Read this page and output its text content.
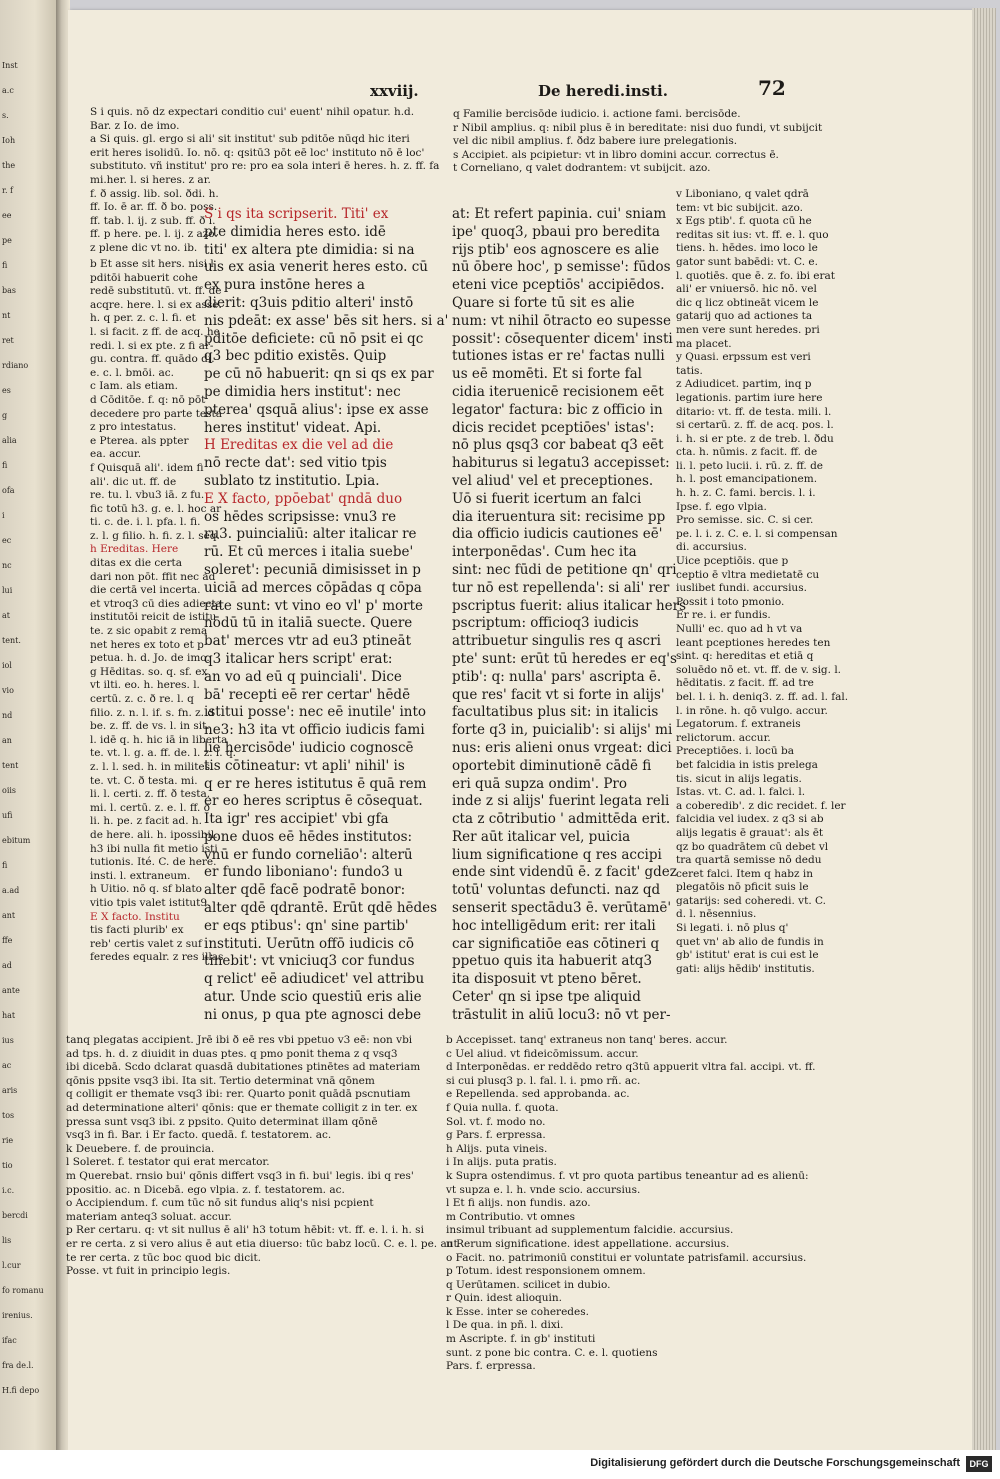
Inst
a.c
s.
Ioh
the
r. f
ee
pe
fi
bas
nt
ret
rdiano
es
g
alia
fi
ofa
i
ec
nc
lui
at
tent.
iol
vio
nd
an
tent
oiis
ufi
ebitum
fi
a.ad
ant
ffe
ad
ante
hat
ius
ac
aris
tos
rie
tio
i.c.
bercdi
lis
l.cur
fo romanu
irenius.
ifac
fra de.l.
H.fi depo
xxviij.	De heredi.insti.	72
S i quis. nō dz expectari conditio cui' euent' nihil opatur. h.d.
Bar. z Io. de imo.
a Si quis. gl. ergo si ali' sit institut' sub pditōe nūqd hic iteri
erit heres isolidū. Io. nō. q: qsitū3 pōt eē loc' instituto nō ē loc'
substituto. vñ institut' pro re: pro ea sola interi ē heres. h. z. ff. fa
mi.her. l. si heres. z ar.
f. ð assig. lib. sol. ðdi. h.
ff. Io. ē ar. ff. ð bo. poss.
ff. tab. l. ij. z sub. ff. ð i.
ff. p here. pe. l. ij. z azo.
z plene dic vt no. ib.
b Et asse sit hers. nisi l
pditōi habuerit cohe
redē substitutū. vt. ff. de
acqre. here. l. si ex asse.
h. q per. z. c. l. fi. et
l. si facit. z ff. de acq. he
redi. l. si ex pte. z fi ar-
gu. contra. ff. quādo di.
e. c. l. bmōi. ac.
c Iam. als etiam.
d Cōditōe. f. q: nō pōt
decedere pro parte testa
z pro intestatus.
e Pterea. als ppter
ea. accur.
f Quisquā ali'. idem fi
ali'. dic ut. ff. de
re. tu. l. vbu3 iā. z fu.
fic totū h3. g. e. l. hoc ar
ti. c. de. i. l. pfa. l. fi.
z. l. g filio. h. fi. z. l. seq.
h Ereditas. Here
ditas ex die certa
dari non pōt. ffit nec ad
die certā vel incerta.
et vtroq3 cū dies adiecta
institutōi reicit de istitu
te. z sic opabit z rema
net heres ex toto et p
petua. h. d. Jo. de imo.
g Hēditas. so. q. sf. ex
vt ilti. eo. h. heres. l.
certū. z. c. ð re. l. q
filio. z. n. l. if. s. fn. z. d
be. z. ff. de vs. l. in sit.
l. idē q. h. hic iā in liberta
te. vt. l. g. a. ff. de. l. z. l. q.
z. l. l. sed. h. in milites
te. vt. C. ð testa. mi.
li. l. certi. z. ff. ð testa.
mi. l. certū. z. e. l. ff. ð
li. h. pe. z facit ad. h.
de here. ali. h. ipossibil.
h3 ibi nulla fit metio isti
tutionis. Ité. C. de here.
insti. l. extraneum.
h Uitio. nō q. sf blato
vitio tpis valet istitut9.
E X facto. Institu
tis facti plurib' ex
reb' certis valet z suf
feredes equalr. z res illas
S i qs ita scripserit. Titi' ex
pte dimidia heres esto. idē
titi' ex altera pte dimidia: si na
uis ex asia venerit heres esto. cū
ex pura instōne heres a
dierit: q3uis pditio alteri' instō
nis pdeāt: ex asse' bēs sit hers. si a'
pditōe deficiete: cū nō psit ei qc
q3 bec pditio existēs. Quip
pe cū nō habuerit: qn si qs ex par
pe dimidia hers institut': nec
pterea' qsquā alius': ipse ex asse
heres institut' videat. Api.
H Ereditas ex die vel ad die
nō recte dat': sed vitio tpis
sublato tz institutio. Lpia.
E X facto, ppōebat' qndā duo
os hēdes scripsisse: vnu3 re
ru3. puincialiū: alter italicar re
rū. Et cū merces i italia suebe'
soleret': pecuniā dimisisset in p
uiciā ad merces cōpādas q cōpa
rate sunt: vt vino eo vl' p' morte
nōdū tū in italiā suecte. Quere
bat' merces vtr ad eu3 ptineāt
q3 italicar hers script' erat:
an vo ad eū q puinciali'. Dice
bā' recepti eē rer certar' hēdē
istitui posse': nec eē inutile' into
ne3: h3 ita vt officio iudicis fami
lie hercisōde' iudicio cognoscē
tis cōtineatur: vt apli' nihil' is
q er re heres istitutus ē quā rem
er eo heres scriptus ē cōsequat.
Ita igr' res accipiet' vbi gfa
pone duos eē hēdes institutos:
vnū er fundo corneliāo': alterū
er fundo liboniano': fundo3 u
alter qdē facē podratē bonor:
alter qdē qdrantē. Erūt qdē hēdes
er eqs ptibus': qn' sine partib'
instituti. Uerūtn offō iudicis cō
tinebit': vt vniciuq3 cor fundus
q relict' eē adiudicet' vel attribu
atur. Unde scio questiū eris alie
ni onus, p qua pte agnosci debe
at: Et refert papinia. cui' sniam
ipe' quoq3, pbaui pro bereditа
rijs ptib' eos agnoscere es alie
nū ōbere hoc', p semisse': fūdos
eteni vice pceptiōs' accipiēdos.
Quare si forte tū sit es alie
num: vt nihil ōtracto eo supesse
possit': cōsequenter dicem' insti
tutiones istas er re' factas nulli
us eē momēti. Et si forte fal
cidia iteruenicē recisionem eēt
legator' factura: bic z officio in
dicis recidet pceptiōes' istas':
nō plus qsq3 cor babeat q3 eēt
habiturus si legatu3 accepisset:
vel aliud' vel et preceptiones.
Uō si fuerit icertum an falci
dia iteruentura sit: recisime pp
dia officio iudicis cautiones eē'
interponēdas'. Cum hec ita
sint: nec fūdi de petitione qn' qri
tur nō est repellenda': si ali' rer
pscriptus fuerit: alius italicar hers
pscriptum: officioq3 iudicis
attribuetur singulis res q ascri
pte' sunt: erūt tū heredes er eq's
ptib': q: nulla' pars' ascripta ē.
que res' facit vt si forte in alijs'
facultatibus plus sit: in italicis
forte q3 in, puicialib': si alijs' mi
nus: eris alieni onus vrgeat: dici
oportebit diminutionē cādē fi
eri quā supza ondim'. Pro
inde z si alijs' fuerint legata reli
cta z cōtributio ' admittēda erit.
Rer aūt italicar vel, puicia
lium significatione q res accipi
ende sint videndū ē. z facit' gdez
totū' voluntas defuncti. naz qd
senserit spectādu3 ē. verūtamē'
hoc intelligēdum erit: rer itali
car significatiōe eas cōtineri q
ppetuo quis ita habuerit atq3
ita disposuit vt pteno bēret.
Ceter' qn si ipse tpe aliquid
trāstulit in aliū locu3: nō vt per-
q Familie bercisōde iudicio. i. actione fami. bercisōde.
r Nibil amplius. q: nibil plus ē in bereditate: nisi duo fundi, vt subijcit
vel dic nibil amplius. f. ðdz babere iure prelegationis.
s Accipiet. als pcipietur: vt in libro domini accur. correctus ē.
t Corneliano, q valet dodrantem: vt subijcit. azo.
v Liboniano, q valet qdrā
tem: vt bic subijcit. azo.
x Egs ptib'. f. quota cū he
reditas sit ius: vt. ff. e. l. quo
tiens. h. hēdes. imo loco le
gator sunt babēdi: vt. C. e.
l. quotiēs. que ē. z. fo. ibi erat
ali' er vniuersō. hic nō. vel
dic q licz obtineāt vicem le
gatarij quo ad actiones ta
men vere sunt heredes. pri
ma placet.
y Quasi. erpssum est veri
tatis.
z Adiudicet. partim, inq p
legationis. partim iure here
ditario: vt. ff. de testa. mili. l.
si certarū. z. ff. de acq. pos. l.
i. h. si er pte. z de treb. l. ðdu
cta. h. nūmis. z facit. ff. de
li. l. peto lucii. i. rū. z. ff. de
h. l. post emancipationem.
h. h. z. C. fami. bercis. l. i.
Ipse. f. ego vlpia.
Pro semisse. sic. C. si cer.
pe. l. i. z. C. e. l. si compensan
di. accursius.
Uice pceptiōis. que p
ceptio ē vltra medietatē cu
iuslibet fundi. accursius.
Possit i toto pmonio.
Er re. i. er fundis.
Nulli' ec. quo ad h vt va
leant pceptiones heredes ten
sint. q: hereditas et etiā q
soluēdo nō et. vt. ff. de v. sig. l.
hēditatis. z facit. ff. ad tre
bel. l. i. h. deniq3. z. ff. ad. l. fal.
l. in rōne. h. qō vulgo. accur.
Legatorum. f. extraneis
relictorum. accur.
Preceptiōes. i. locū ba
bet falcidia in istis prelega
tis. sicut in alijs legatis.
Istas. vt. C. ad. l. falci. l.
a coberedib'. z dic recidet. f. ler
falcidia vel iudex. z q3 si ab
alijs legatis ē grauat': als ēt
qz bo quadrātem cū debet vl
tra quartā semisse nō dedu
ceret falci. Item q habz in
plegatōis nō pficit suis le
gatarijs: sed coheredi. vt. C.
d. l. nēsennius.
Si legati. i. nō plus q'
quet vn' ab alio de fundis in
gb' istitut' erat is cui est le
gati: alijs hēdib' institutis.
tanq plegatas accipient. Jrē ibi ð eē res vbi ppetuo v3 eē: non vbi
ad tps. h. d. z diuidit in duas ptes. q pmo ponit thema z q vsq3
ibi dicebā. Scdo dclarat quasdā dubitationes ptinētes ad materiam
qōnis ppsite vsq3 ibi. Ita sit. Tertio determinat vnā qōnem
q colligit er themate vsq3 ibi: rer. Quarto ponit quādā pscnutiam
ad determinatione alteri' qōnis: que er themate colligit z in ter. ex
pressa sunt vsq3 ibi. z ppsito. Quito determinat illam qōnē
vsq3 in fi. Bar. i Er facto. quedā. f. testatorem. ac.
k Deuebere. f. de prouincia.
l Soleret. f. testator qui erat mercator.
m Querebat. rnsio bui' qōnis differt vsq3 in fi. bui' legis. ibi q res'
ppositio. ac. n Dicebā. ego vlpia. z. f. testatorem. ac.
o Accipiendum. f. cum tūc nō sit fundus aliq's nisi pcpient
materiam anteq3 soluat. accur.
p Rer certaru. q: vt sit nullus ē ali' h3 totum hēbit: vt. ff. e. l. i. h. si
er re certa. z si vero alius ē aut etia diuerso: tūc babz locū. C. e. l. pe. aut
te rer certa. z tūc boc quod bic dicit.
Posse. vt fuit in principio legis.
b Accepisset. tanq' extraneus non tanq' beres. accur.
c Uel aliud. vt fideicōmissum. accur.
d Interponēdas. er reddēdo retro q3tū appuerit vltra fal. accipi. vt. ff.
si cui plusq3 p. l. fal. l. i. pmo rñ. ac.
e Repellenda. sed approbanda. ac.
f Quia nulla. f. quota.
Sol. vt. f. modo no.
g Pars. f. erpressa.
h Alijs. puta vineis.
i In alijs. puta pratis.
k Supra ostendimus. f. vt pro quota partibus teneantur ad es alienū:
vt supza e. l. h. vnde scio. accursius.
l Et fi alijs. non fundis. azo.
m Contributio. vt omnes
insimul tribuant ad supplementum falcidie. accursius.
n Rerum significatione. idest appellatione. accursius.
o Facit. no. patrimoniū constitui er voluntate patrisfamil. accursius.
p Totum. idest responsionem omnem.
q Uerūtamen. scilicet in dubio.
r Quin. idest alioquin.
k Esse. inter se coheredes.
l De qua. in pñ. l. dixi.
m Ascripte. f. in gb' instituti
sunt. z pone bic contra. C. e. l. quotiens
Pars. f. erpressa.
Digitalisierung gefördert durch die Deutsche Forschungsgemeinschaft	DFG
